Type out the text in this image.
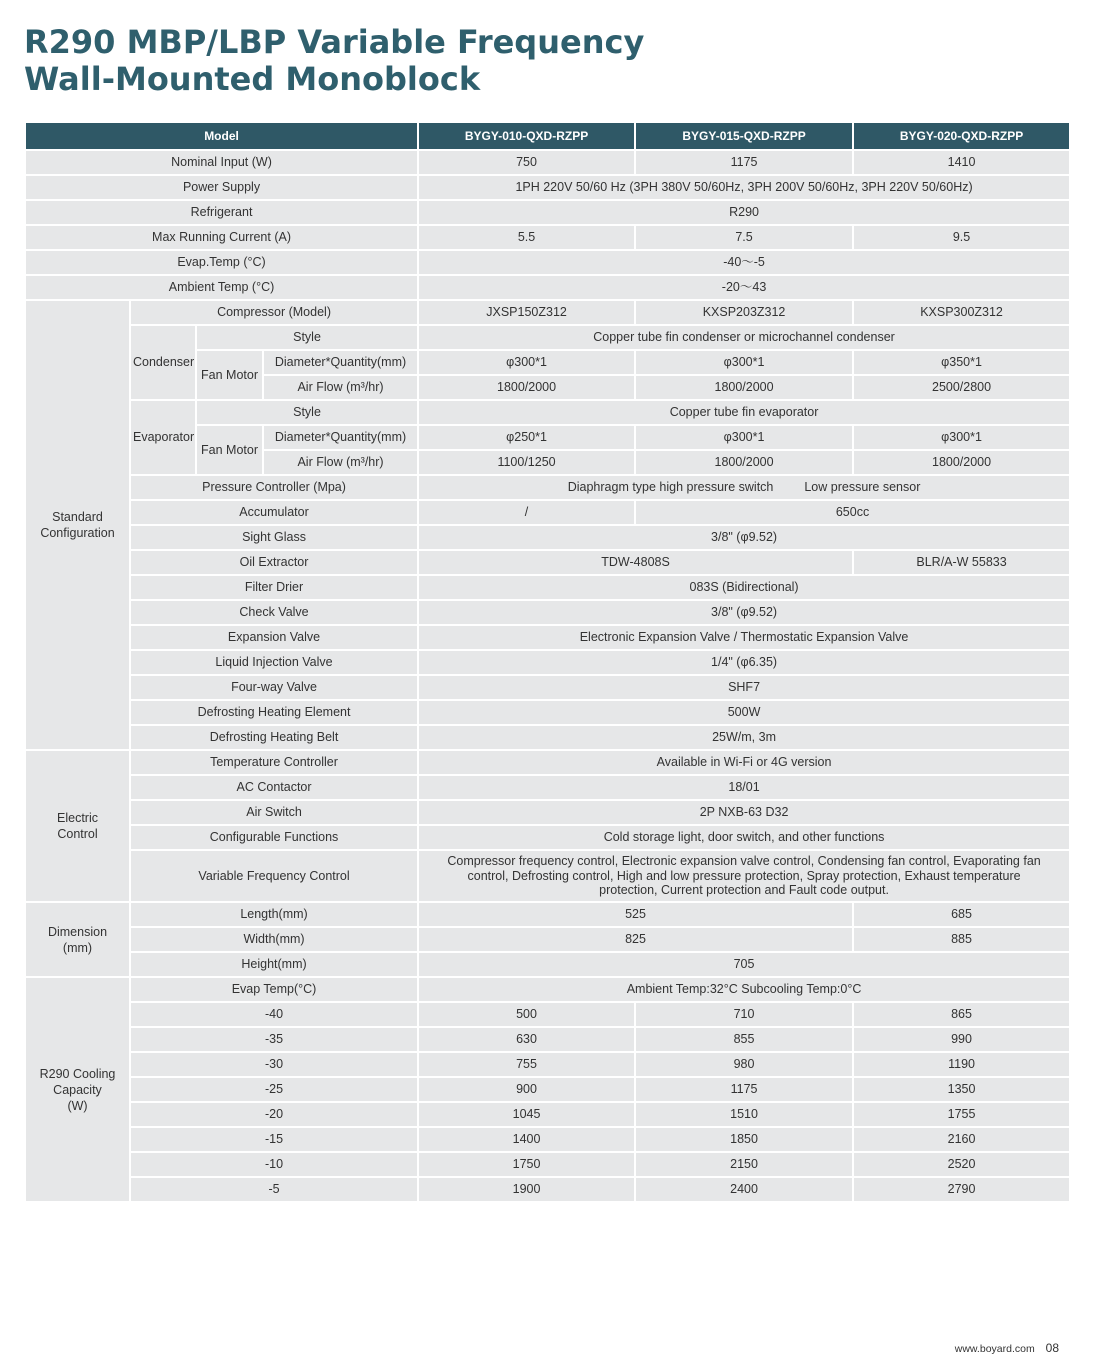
R290 MBP/LBP Variable Frequency
Wall-Mounted Monoblock
Model				BYGY-010-QXD-RZPP	BYGY-015-QXD-RZPP	BYGY-020-QXD-RZPP
Nominal Input (W)				750	1175	1410
Power Supply				1PH 220V 50/60 Hz (3PH 380V 50/60Hz, 3PH 200V 50/60Hz, 3PH 220V 50/60Hz)		
Refrigerant				R290		
Max Running Current (A)				5.5	7.5	9.5
Evap.Temp (°C)				-40～-5		
Ambient Temp (°C)				-20～43		
Standard
Configuration	Compressor (Model)			JXSP150Z312	KXSP203Z312	KXSP300Z312
	Condenser	Style		Copper tube fin condenser or microchannel condenser		
		Fan Motor	Diameter*Quantity(mm)	φ300*1	φ300*1	φ350*1
			Air Flow (m³/hr)	1800/2000	1800/2000	2500/2800
	Evaporator	Style		Copper tube fin evaporator		
		Fan Motor	Diameter*Quantity(mm)	φ250*1	φ300*1	φ300*1
			Air Flow (m³/hr)	1100/1250	1800/2000	1800/2000
	Pressure Controller (Mpa)			Diaphragm type high pressure switch Low pressure sensor		
	Accumulator			/	650cc	
	Sight Glass			3/8" (φ9.52)		
	Oil Extractor			TDW-4808S		BLR/A-W 55833
	Filter Drier			083S (Bidirectional)		
	Check Valve			3/8" (φ9.52)		
	Expansion Valve			Electronic Expansion Valve / Thermostatic Expansion Valve		
	Liquid Injection Valve			1/4" (φ6.35)		
	Four-way Valve			SHF7		
	Defrosting Heating Element			500W		
	Defrosting Heating Belt			25W/m, 3m		
Electric
Control	Temperature Controller			Available in Wi-Fi or 4G version		
	AC Contactor			18/01		
	Air Switch			2P NXB-63 D32		
	Configurable Functions			Cold storage light, door switch, and other functions		
	Variable Frequency Control			Compressor frequency control, Electronic expansion valve control, Condensing fan control, Evaporating fan control, Defrosting control, High and low pressure protection, Spray protection, Exhaust temperature protection, Current protection and Fault code output.		
Dimension
(mm)	Length(mm)			525		685
	Width(mm)			825		885
	Height(mm)			705		
R290 Cooling
Capacity
(W)	Evap Temp(°C)			Ambient Temp:32°C Subcooling Temp:0°C		
	-40			500	710	865
	-35			630	855	990
	-30			755	980	1190
	-25			900	1175	1350
	-20			1045	1510	1755
	-15			1400	1850	2160
	-10			1750	2150	2520
	-5			1900	2400	2790
www.boyard.com 08
